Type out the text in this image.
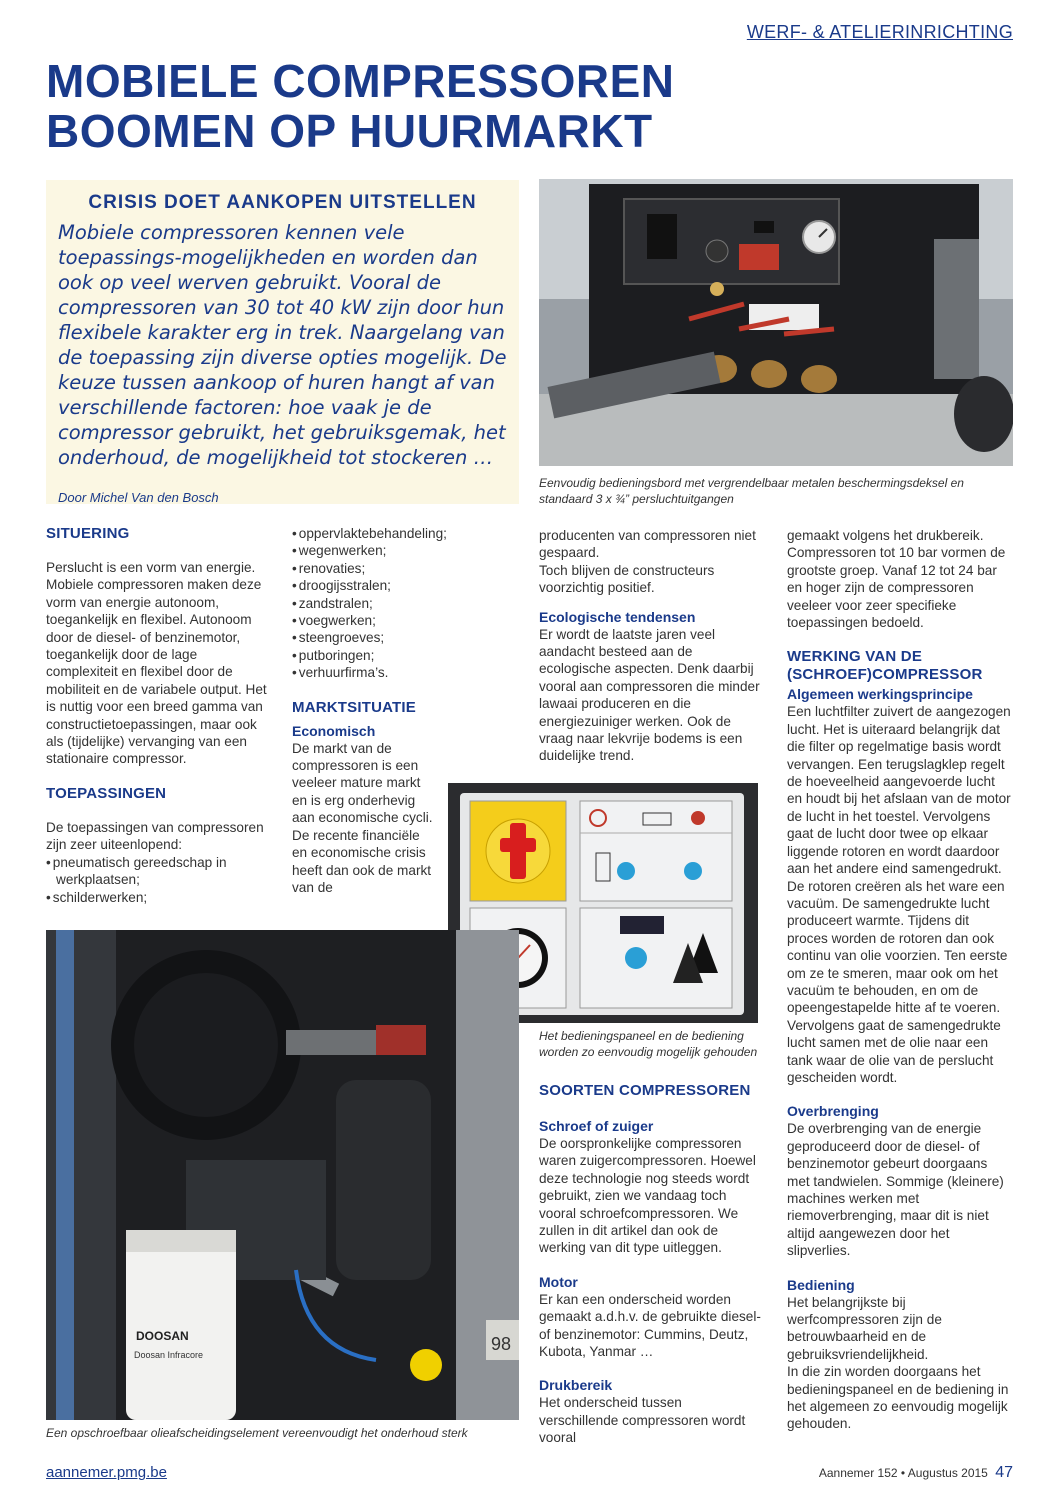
WERF- & ATELIERINRICHTING
MOBIELE COMPRESSOREN
BOOMEN OP HUURMARKT
CRISIS DOET AANKOPEN UITSTELLEN

Mobiele compressoren kennen vele toepassings-mogelijkheden en worden dan ook op veel werven gebruikt. Vooral de compressoren van 30 tot 40 kW zijn door hun flexibele karakter erg in trek. Naargelang van de toepassing zijn diverse opties mogelijk. De keuze tussen aankoop of huren hangt af van verschillende factoren: hoe vaak je de compressor gebruikt, het gebruiksgemak, het onderhoud, de mogelijkheid tot stockeren …

Door Michel Van den Bosch

Eenvoudig bedieningsbord met vergrendelbaar metalen beschermingsdeksel en standaard 3 x ¾” persluchtuitgangen
SITUERING

Perslucht is een vorm van energie. Mobiele compressoren maken deze vorm van energie autonoom, toegankelijk en flexibel. Autonoom door de diesel- of benzinemotor, toegankelijk door de lage complexiteit en flexibel door de mobiliteit en de variabele output. Het is nuttig voor een breed gamma van constructietoepassingen, maar ook als (tijdelijke) vervanging van een stationaire compressor.

TOEPASSINGEN

De toepassingen van compressoren zijn zeer uiteenlopend:

• pneumatisch gereedschap in werkplaatsen;
• schilderwerken;
• oppervlaktebehandeling;
• wegenwerken;
• renovaties;
• droogijsstralen;
• zandstralen;
• voegwerken;
• steengroeves;
• putboringen;
• verhuurfirma’s.
MARKTSITUATIE
Economisch

De markt van de compressoren is een veeleer mature markt en is erg onderhevig aan economische cycli. De recente financiële en economische crisis heeft dan ook de markt van de

producenten van compressoren niet gespaard.

Toch blijven de constructeurs voorzichtig positief.

Ecologische tendensen

Er wordt de laatste jaren veel aandacht besteed aan de ecologische aspecten. Denk daarbij vooral aan compressoren die minder lawaai produceren en die energiezuiniger werken. Ook de vraag naar lekvrije bodems is een duidelijke trend.

Het bedieningspaneel en de bediening worden zo eenvoudig mogelijk gehouden
SOORTEN COMPRESSOREN
Schroef of zuiger

De oorspronkelijke compressoren waren zuigercompressoren. Hoewel deze technologie nog steeds wordt gebruikt, zien we vandaag toch vooral schroefcompressoren. We zullen in dit artikel dan ook de werking van dit type uitleggen.

Motor

Er kan een onderscheid worden gemaakt a.d.h.v. de gebruikte diesel- of benzinemotor: Cummins, Deutz, Kubota, Yanmar …

Drukbereik

Het onderscheid tussen verschillende compressoren wordt vooral

gemaakt volgens het drukbereik. Compressoren tot 10 bar vormen de grootste groep. Vanaf 12 tot 24 bar en hoger zijn de compressoren veeleer voor zeer specifieke toepassingen bedoeld.

WERKING VAN DE (SCHROEF)COMPRESSOR
Algemeen werkingsprincipe

Een luchtfilter zuivert de aangezogen lucht. Het is uiteraard belangrijk dat die filter op regelmatige basis wordt vervangen. Een terugslagklep regelt de hoeveelheid aangevoerde lucht en houdt bij het afslaan van de motor de lucht in het toestel. Vervolgens gaat de lucht door twee op elkaar liggende rotoren en wordt daardoor aan het andere eind samengedrukt.

De rotoren creëren als het ware een vacuüm. De samengedrukte lucht produceert warmte. Tijdens dit proces worden de rotoren dan ook continu van olie voorzien. Ten eerste om ze te smeren, maar ook om het vacuüm te behouden, en om de opeengestapelde hitte af te voeren. Vervolgens gaat de samengedrukte lucht samen met de olie naar een tank waar de olie van de perslucht gescheiden wordt.

Overbrenging

De overbrenging van de energie geproduceerd door de diesel- of benzinemotor gebeurt doorgaans met tandwielen. Sommige (kleinere) machines werken met riemoverbrenging, maar dit is niet altijd aangewezen door het slipverlies.

Bediening

Het belangrijkste bij werfcompressoren zijn de betrouwbaarheid en de gebruiksvriendelijkheid.

In die zin worden doorgaans het bedieningspaneel en de bediening in het algemeen zo eenvoudig mogelijk gehouden.

DOOSAN
Doosan Infracore
98
Een opschroefbaar olieafscheidingselement vereenvoudigt het onderhoud sterk
aannemer.pmg.be	Aannemer 152 • Augustus 2015 47
